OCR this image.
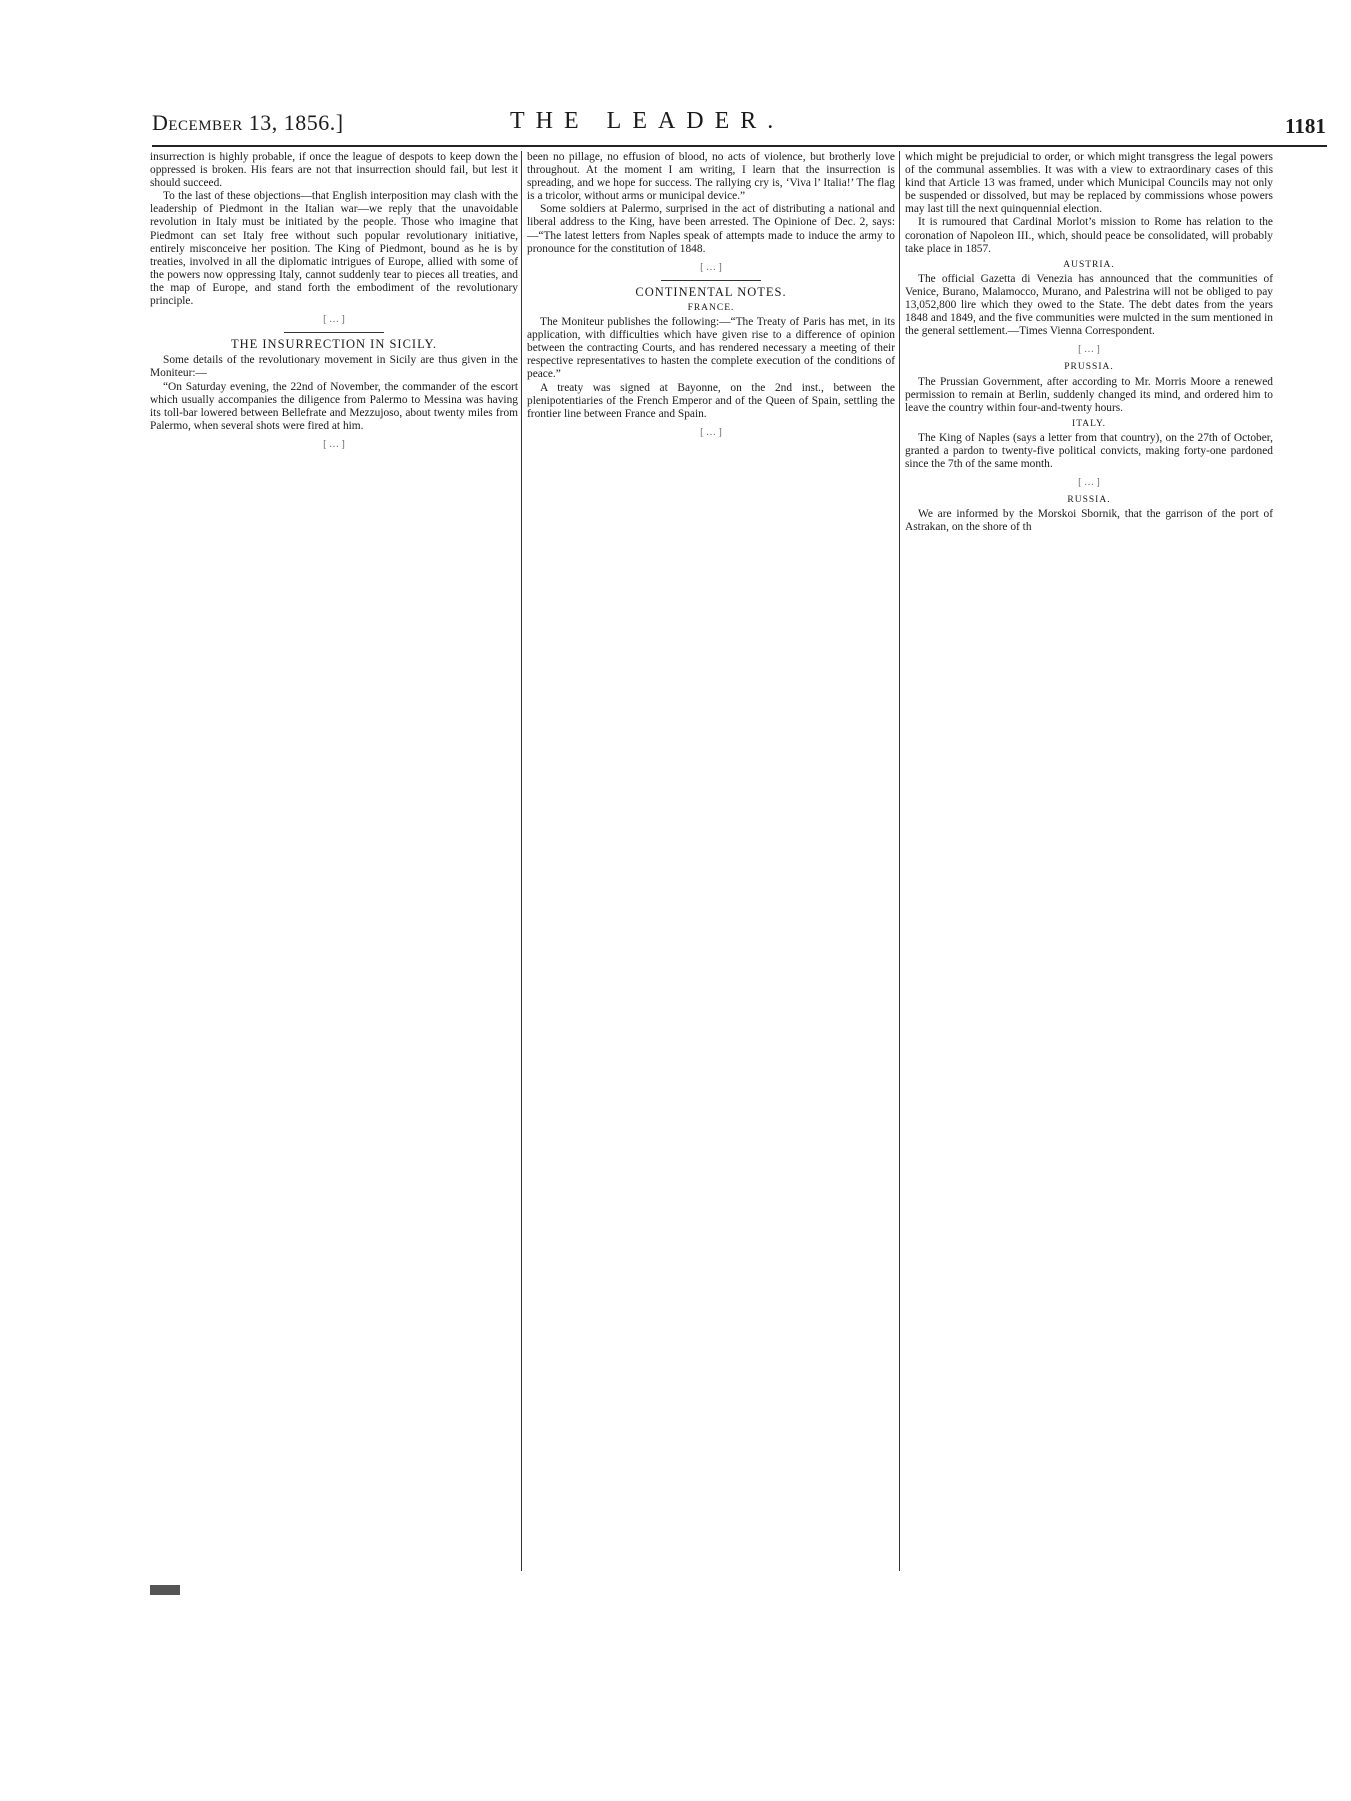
December 13, 1856.]	THE LEADER.	1181

insurrection is highly probable, if once the league of despots to keep down the oppressed is broken. His fears are not that insurrection should fail, but lest it should succeed.

To the last of these objections—that English interposition may clash with the leadership of Piedmont in the Italian war—we reply that the unavoidable revolution in Italy must be initiated by the people. Those who imagine that Piedmont can set Italy free without such popular revolutionary initiative, entirely misconceive her position. The King of Piedmont, bound as he is by treaties, involved in all the diplomatic intrigues of Europe, allied with some of the powers now oppressing Italy, cannot suddenly tear to pieces all treaties, and the map of Europe, and stand forth the embodiment of the revolutionary principle.

[ … ]
THE INSURRECTION IN SICILY.

Some details of the revolutionary movement in Sicily are thus given in the Moniteur:—

“On Saturday evening, the 22nd of November, the commander of the escort which usually accompanies the diligence from Palermo to Messina was having its toll-bar lowered between Bellefrate and Mezzujoso, about twenty miles from Palermo, when several shots were fired at him.

[ … ]

been no pillage, no effusion of blood, no acts of violence, but brotherly love throughout. At the moment I am writing, I learn that the insurrection is spreading, and we hope for success. The rallying cry is, ‘Viva l’ Italia!’ The flag is a tricolor, without arms or municipal device.”

Some soldiers at Palermo, surprised in the act of distributing a national and liberal address to the King, have been arrested. The Opinione of Dec. 2, says:—“The latest letters from Naples speak of attempts made to induce the army to pronounce for the constitution of 1848.

[ … ]
CONTINENTAL NOTES.
FRANCE.

The Moniteur publishes the following:—“The Treaty of Paris has met, in its application, with difficulties which have given rise to a difference of opinion between the contracting Courts, and has rendered necessary a meeting of their respective representatives to hasten the complete execution of the conditions of peace.”

A treaty was signed at Bayonne, on the 2nd inst., between the plenipotentiaries of the French Emperor and of the Queen of Spain, settling the frontier line between France and Spain.

[ … ]

which might be prejudicial to order, or which might transgress the legal powers of the communal assemblies. It was with a view to extraordinary cases of this kind that Article 13 was framed, under which Municipal Councils may not only be suspended or dissolved, but may be replaced by commissions whose powers may last till the next quinquennial election.

It is rumoured that Cardinal Morlot’s mission to Rome has relation to the coronation of Napoleon III., which, should peace be consolidated, will probably take place in 1857.

AUSTRIA.

The official Gazetta di Venezia has announced that the communities of Venice, Burano, Malamocco, Murano, and Palestrina will not be obliged to pay 13,052,800 lire which they owed to the State. The debt dates from the years 1848 and 1849, and the five communities were mulcted in the sum mentioned in the general settlement.—Times Vienna Correspondent.

[ … ]
PRUSSIA.

The Prussian Government, after according to Mr. Morris Moore a renewed permission to remain at Berlin, suddenly changed its mind, and ordered him to leave the country within four-and-twenty hours.

ITALY.

The King of Naples (says a letter from that country), on the 27th of October, granted a pardon to twenty-five political convicts, making forty-one pardoned since the 7th of the same month.

[ … ]
RUSSIA.

We are informed by the Morskoi Sbornik, that the garrison of the port of Astrakan, on the shore of th
